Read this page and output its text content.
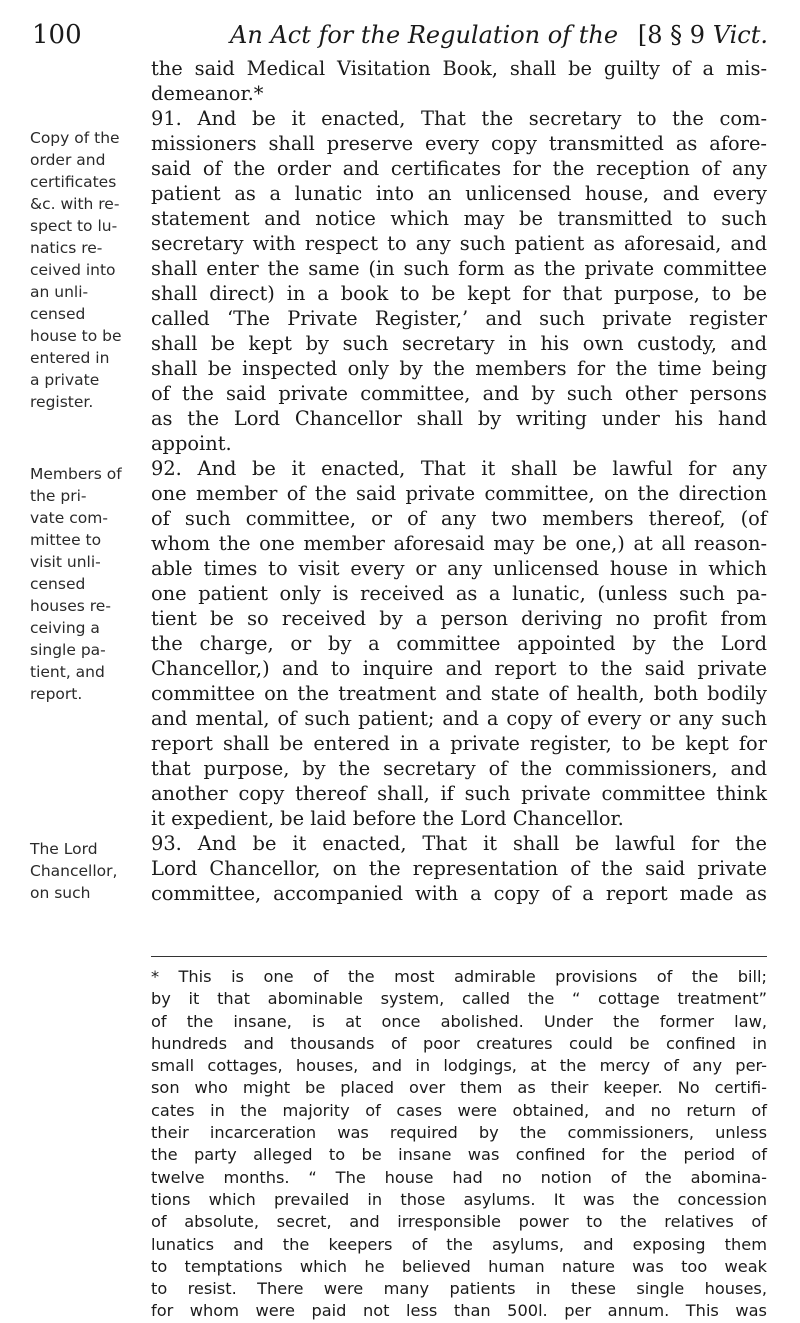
100	An Act for the Regulation of the [8 § 9 Vict.
Copy of the
order and
certificates
&c. with re-
spect to lu-
natics re-
ceived into
an unli-
censed
house to be
entered in
a private
register.
Members of
the pri-
vate com-
mittee to
visit unli-
censed
houses re-
ceiving a
single pa-
tient, and
report.
The Lord
Chancellor,
on such
the said Medical Visitation Book, shall be guilty of a mis-
demeanor.*
91. And be it enacted, That the secretary to the com-
missioners shall preserve every copy transmitted as afore-
said of the order and certificates for the reception of any
patient as a lunatic into an unlicensed house, and every
statement and notice which may be transmitted to such
secretary with respect to any such patient as aforesaid, and
shall enter the same (in such form as the private committee
shall direct) in a book to be kept for that purpose, to be
called ‘The Private Register,’ and such private register
shall be kept by such secretary in his own custody, and
shall be inspected only by the members for the time being
of the said private committee, and by such other persons
as the Lord Chancellor shall by writing under his hand
appoint.
92. And be it enacted, That it shall be lawful for any
one member of the said private committee, on the direction
of such committee, or of any two members thereof, (of
whom the one member aforesaid may be one,) at all reason-
able times to visit every or any unlicensed house in which
one patient only is received as a lunatic, (unless such pa-
tient be so received by a person deriving no profit from
the charge, or by a committee appointed by the Lord
Chancellor,) and to inquire and report to the said private
committee on the treatment and state of health, both bodily
and mental, of such patient; and a copy of every or any such
report shall be entered in a private register, to be kept for
that purpose, by the secretary of the commissioners, and
another copy thereof shall, if such private committee think
it expedient, be laid before the Lord Chancellor.
93. And be it enacted, That it shall be lawful for the
Lord Chancellor, on the representation of the said private
committee, accompanied with a copy of a report made as
* This is one of the most admirable provisions of the bill;
by it that abominable system, called the “ cottage treatment”
of the insane, is at once abolished. Under the former law,
hundreds and thousands of poor creatures could be confined in
small cottages, houses, and in lodgings, at the mercy of any per-
son who might be placed over them as their keeper. No certifi-
cates in the majority of cases were obtained, and no return of
their incarceration was required by the commissioners, unless
the party alleged to be insane was confined for the period of
twelve months. “ The house had no notion of the abomina-
tions which prevailed in those asylums. It was the concession
of absolute, secret, and irresponsible power to the relatives of
lunatics and the keepers of the asylums, and exposing them
to temptations which he believed human nature was too weak
to resist. There were many patients in these single houses,
for whom were paid not less than 500l. per annum. This was
